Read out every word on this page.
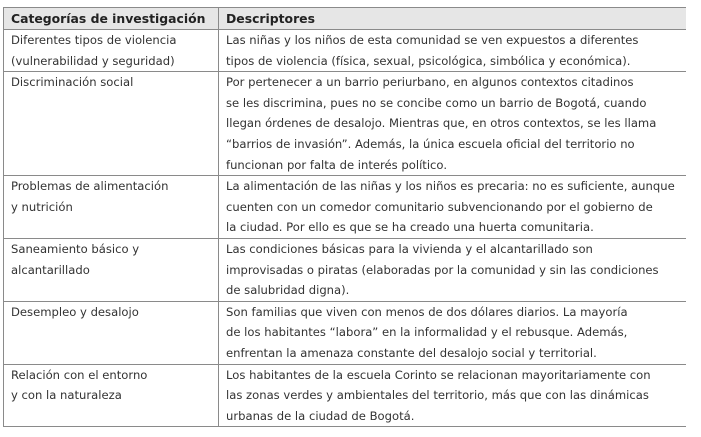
Categorías de investigación	Descriptores

Diferentes tipos de violencia
(vulnerabilidad y seguridad)	Las niñas y los niños de esta comunidad se ven expuestos a diferentes
tipos de violencia (física, sexual, psicológica, simbólica y económica).

Discriminación social	Por pertenecer a un barrio periurbano, en algunos contextos citadinos
se les discrimina, pues no se concibe como un barrio de Bogotá, cuando
llegan órdenes de desalojo. Mientras que, en otros contextos, se les llama
“barrios de invasión”. Además, la única escuela oficial del territorio no
funcionan por falta de interés político.

Problemas de alimentación
y nutrición	La alimentación de las niñas y los niños es precaria: no es suficiente, aunque
cuenten con un comedor comunitario subvencionando por el gobierno de
la ciudad. Por ello es que se ha creado una huerta comunitaria.

Saneamiento básico y
alcantarillado	Las condiciones básicas para la vivienda y el alcantarillado son
improvisadas o piratas (elaboradas por la comunidad y sin las condiciones
de salubridad digna).

Desempleo y desalojo	Son familias que viven con menos de dos dólares diarios. La mayoría
de los habitantes “labora” en la informalidad y el rebusque. Además,
enfrentan la amenaza constante del desalojo social y territorial.

Relación con el entorno
y con la naturaleza	Los habitantes de la escuela Corinto se relacionan mayoritariamente con
las zonas verdes y ambientales del territorio, más que con las dinámicas
urbanas de la ciudad de Bogotá.
